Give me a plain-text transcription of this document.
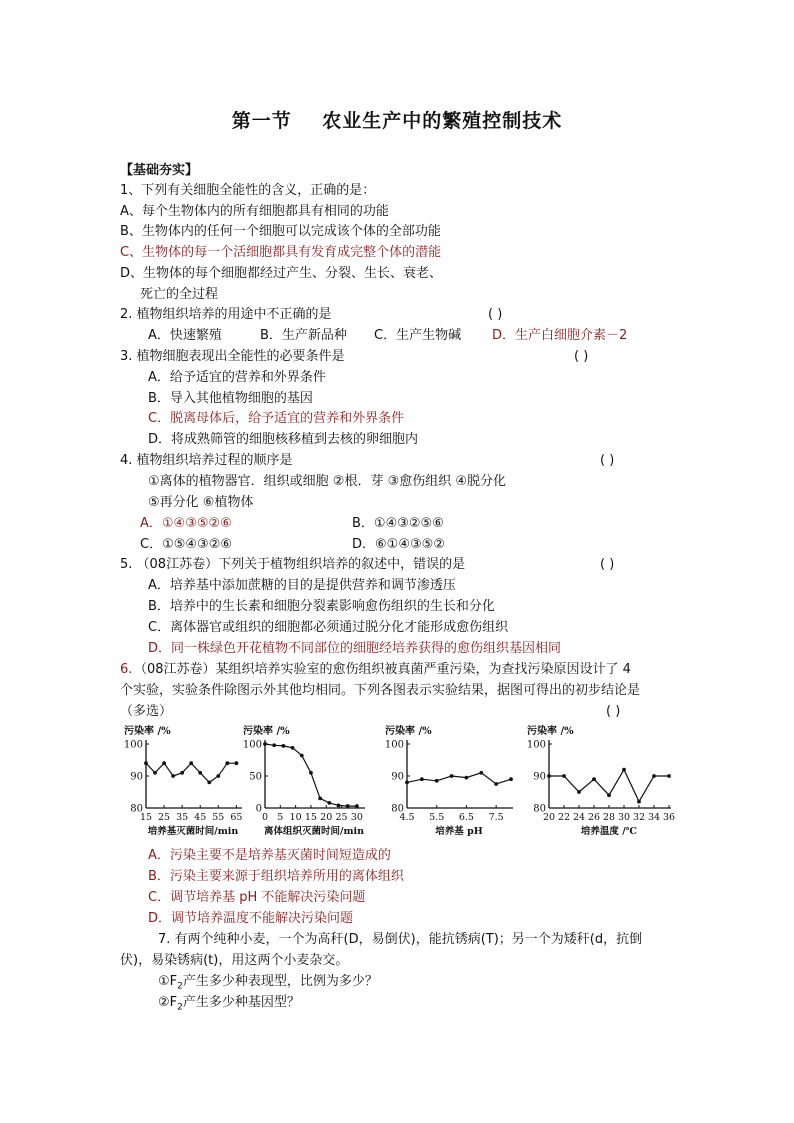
第一节    农业生产中的繁殖控制技术
【基础夯实】
1、下列有关细胞全能性的含义，正确的是：
A、每个生物体内的所有细胞都具有相同的功能
B、生物体内的任何一个细胞可以完成该个体的全部功能
C、生物体的每一个活细胞都具有发育成完整个体的潜能
D、生物体的每个细胞都经过产生、分裂、生长、衰老、
死亡的全过程
2. 植物组织培养的用途中不正确的是	( )
A．快速繁殖	B．生产新品种 C．生产生物碱 D．生产白细胞介素－2
3. 植物细胞表现出全能性的必要条件是	( )
A．给予适宜的营养和外界条件
B．导入其他植物细胞的基因
C．脱离母体后，给予适宜的营养和外界条件
D．将成熟筛管的细胞核移植到去核的卵细胞内
4. 植物组织培养过程的顺序是	( )
①离体的植物器官．组织或细胞 ②根．芽 ③愈伤组织 ④脱分化
⑤再分化 ⑥植物体
A．①④③⑤②⑥	B．①④③②⑤⑥
C．①⑤④③②⑥	D．⑥①④③⑤②
5. （08江苏卷）下列关于植物组织培养的叙述中，错误的是	( )
A．培养基中添加蔗糖的目的是提供营养和调节渗透压
B．培养中的生长素和细胞分裂素影响愈伤组织的生长和分化
C．离体器官或组织的细胞都必须通过脱分化才能形成愈伤组织
D．同一株绿色开花植物不同部位的细胞经培养获得的愈伤组织基因相同
6. （08江苏卷）某组织培养实验室的愈伤组织被真菌严重污染，为查找污染原因设计了 4
个实验，实验条件除图示外其他均相同。下列各图表示实验结果，据图可得出的初步结论是
（多选）	( )
污染率 /%
80
90
100
15 25 35 45 55 65
培养基灭菌时间/min
污染率 /%
0
50
100
0 5 10 15 20 25 30
离体组织灭菌时间/min
污染率 /%
80
90
100
4.5 5.5 6.5 7.5
培养基 pH
污染率 /%
80
90
100
20 22 24 26 28 30 32 34 36
培养温度 /℃
A．污染主要不是培养基灭菌时间短造成的
B．污染主要来源于组织培养所用的离体组织
C．调节培养基 pH 不能解决污染问题
D．调节培养温度不能解决污染问题
7. 有两个纯种小麦，一个为高秆(D，易倒伏)，能抗锈病(T)；另一个为矮秆(d，抗倒
伏)，易染锈病(t)，用这两个小麦杂交。
$①F_2$产生多少种表现型，比例为多少？
$②F_2$产生多少种基因型？
